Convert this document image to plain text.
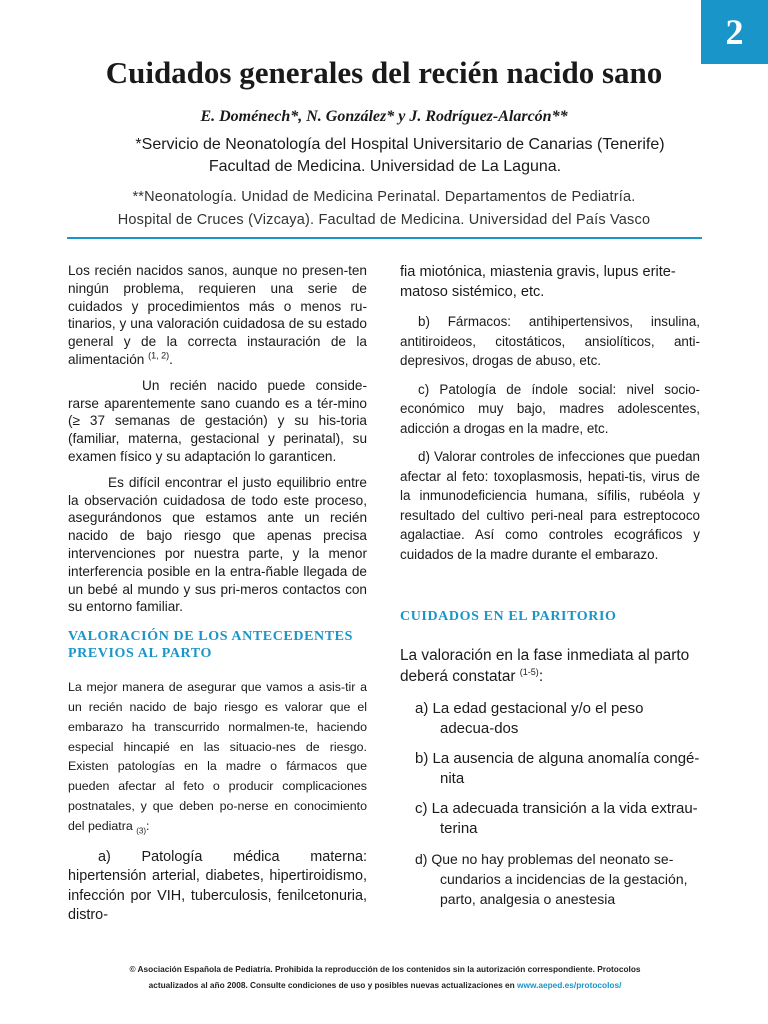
2
Cuidados generales del recién nacido sano
E. Doménech*, N. González* y J. Rodríguez-Alarcón**
*Servicio de Neonatología del Hospital Universitario de Canarias (Tenerife)
Facultad de Medicina. Universidad de La Laguna.
**Neonatología. Unidad de Medicina Perinatal. Departamentos de Pediatría.
Hospital de Cruces (Vizcaya). Facultad de Medicina. Universidad del País Vasco

Los recién nacidos sanos, aunque no presen-ten ningún problema, requieren una serie de cuidados y procedimientos más o menos ru-tinarios, y una valoración cuidadosa de su estado general y de la correcta instauración de la alimentación $^{(1, 2)}$.

Un recién nacido puede conside-rarse aparentemente sano cuando es a tér-mino (≥ 37 semanas de gestación) y su his-toria (familiar, materna, gestacional y perinatal), su examen físico y su adaptación lo garanticen.

Es difícil encontrar el justo equilibrio entre la observación cuidadosa de todo este proceso, asegurándonos que estamos ante un recién nacido de bajo riesgo que apenas precisa intervenciones por nuestra parte, y la menor interferencia posible en la entra-ñable llegada de un bebé al mundo y sus pri-meros contactos con su entorno familiar.

VALORACIÓN DE LOS ANTECEDENTES PREVIOS AL PARTO

La mejor manera de asegurar que vamos a asis-tir a un recién nacido de bajo riesgo es valorar que el embarazo ha transcurrido normalmen-te, haciendo especial hincapié en las situacio-nes de riesgo. Existen patologías en la madre o fármacos que pueden afectar al feto o producir complicaciones postnatales, y que deben po-nerse en conocimiento del pediatra $_{(3)}$:

a) Patología médica materna: hipertensión arterial, diabetes, hipertiroidismo, infección por VIH, tuberculosis, fenilcetonuria, distro-

fia miotónica, miastenia gravis, lupus erite-matoso sistémico, etc.

b) Fármacos: antihipertensivos, insulina, antitiroideos, citostáticos, ansiolíticos, anti-depresivos, drogas de abuso, etc.

c) Patología de índole social: nivel socio-económico muy bajo, madres adolescentes, adicción a drogas en la madre, etc.

d) Valorar controles de infecciones que puedan afectar al feto: toxoplasmosis, hepati-tis, virus de la inmunodeficiencia humana, sífilis, rubéola y resultado del cultivo peri-neal para estreptococo agalactiae. Así como controles ecográficos y cuidados de la madre durante el embarazo.

CUIDADOS EN EL PARITORIO

La valoración en la fase inmediata al parto deberá constatar $^{(1-5)}$:

a) La edad gestacional y/o el peso adecua-dos

b) La ausencia de alguna anomalía congé-nita

c) La adecuada transición a la vida extrau-terina

d) Que no hay problemas del neonato se-cundarios a incidencias de la gestación, parto, analgesia o anestesia

© Asociación Española de Pediatría. Prohibida la reproducción de los contenidos sin la autorización correspondiente. Protocolos
actualizados al año 2008. Consulte condiciones de uso y posibles nuevas actualizaciones en www.aeped.es/protocolos/
